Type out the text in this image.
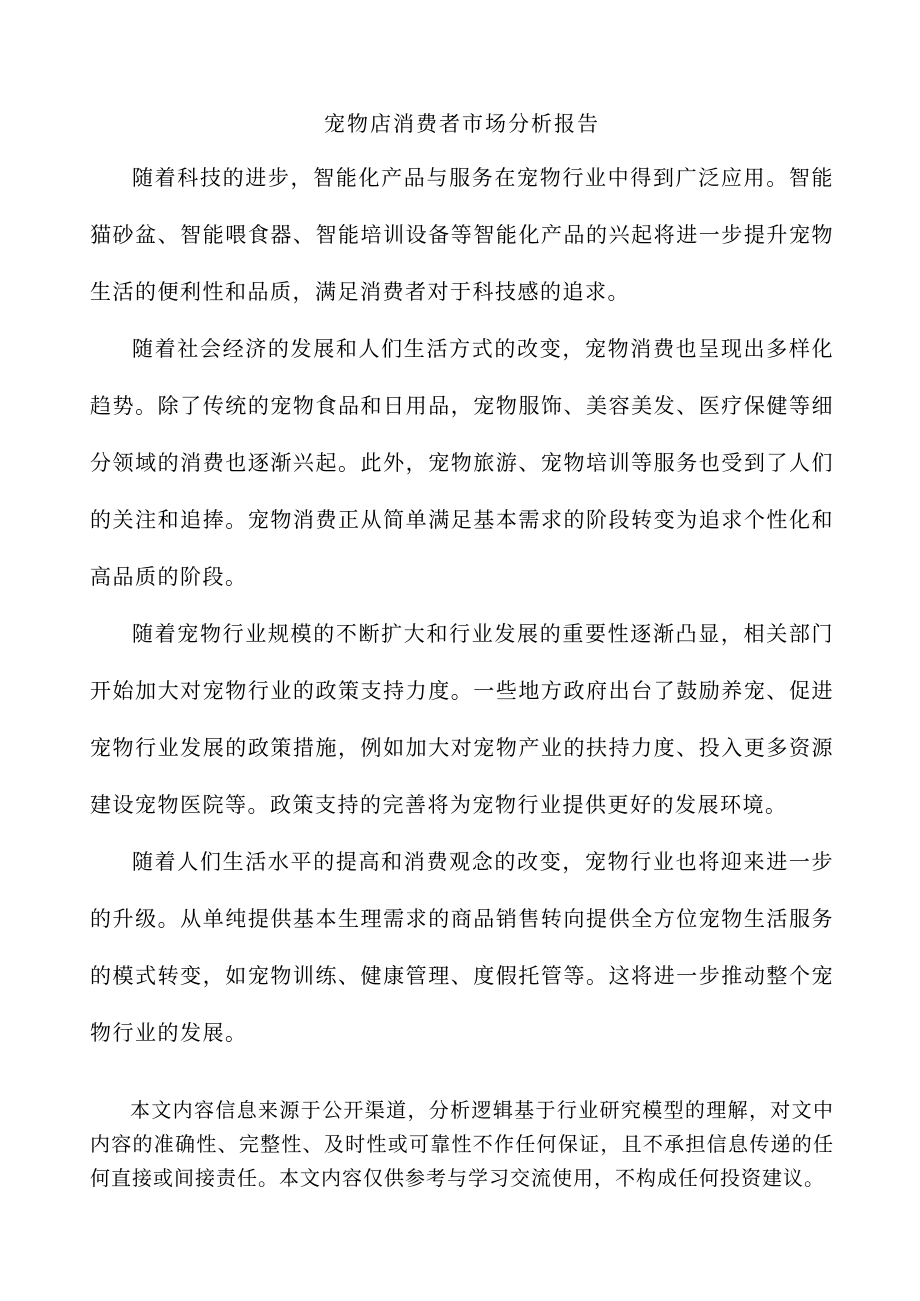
宠物店消费者市场分析报告

随着科技的进步，智能化产品与服务在宠物行业中得到广泛应用。智能猫砂盆、智能喂食器、智能培训设备等智能化产品的兴起将进一步提升宠物生活的便利性和品质，满足消费者对于科技感的追求。

随着社会经济的发展和人们生活方式的改变，宠物消费也呈现出多样化趋势。除了传统的宠物食品和日用品，宠物服饰、美容美发、医疗保健等细分领域的消费也逐渐兴起。此外，宠物旅游、宠物培训等服务也受到了人们的关注和追捧。宠物消费正从简单满足基本需求的阶段转变为追求个性化和高品质的阶段。

随着宠物行业规模的不断扩大和行业发展的重要性逐渐凸显，相关部门开始加大对宠物行业的政策支持力度。一些地方政府出台了鼓励养宠、促进宠物行业发展的政策措施，例如加大对宠物产业的扶持力度、投入更多资源建设宠物医院等。政策支持的完善将为宠物行业提供更好的发展环境。

随着人们生活水平的提高和消费观念的改变，宠物行业也将迎来进一步的升级。从单纯提供基本生理需求的商品销售转向提供全方位宠物生活服务的模式转变，如宠物训练、健康管理、度假托管等。这将进一步推动整个宠物行业的发展。

本文内容信息来源于公开渠道，分析逻辑基于行业研究模型的理解，对文中内容的准确性、完整性、及时性或可靠性不作任何保证，且不承担信息传递的任何直接或间接责任。本文内容仅供参考与学习交流使用，不构成任何投资建议。
